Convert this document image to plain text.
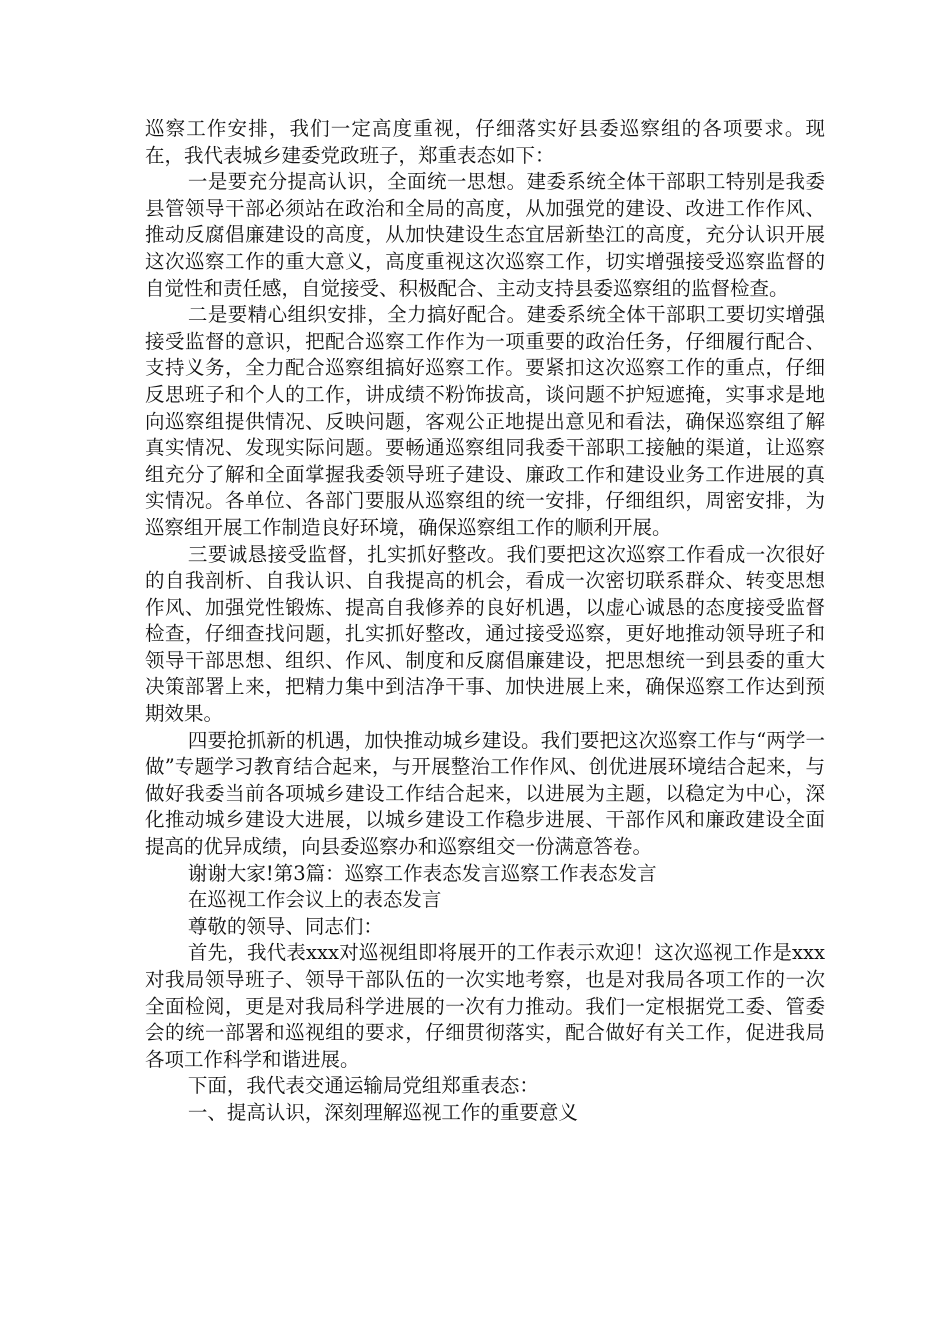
巡察工作安排，我们一定高度重视，仔细落实好县委巡察组的各项要求。现在，我代表城乡建委党政班子，郑重表态如下：

一是要充分提高认识，全面统一思想。建委系统全体干部职工特别是我委县管领导干部必须站在政治和全局的高度，从加强党的建设、改进工作作风、推动反腐倡廉建设的高度，从加快建设生态宜居新垫江的高度，充分认识开展这次巡察工作的重大意义，高度重视这次巡察工作，切实增强接受巡察监督的自觉性和责任感，自觉接受、积极配合、主动支持县委巡察组的监督检查。

二是要精心组织安排，全力搞好配合。建委系统全体干部职工要切实增强接受监督的意识，把配合巡察工作作为一项重要的政治任务，仔细履行配合、支持义务，全力配合巡察组搞好巡察工作。要紧扣这次巡察工作的重点，仔细反思班子和个人的工作，讲成绩不粉饰拔高，谈问题不护短遮掩，实事求是地向巡察组提供情况、反映问题，客观公正地提出意见和看法，确保巡察组了解真实情况、发现实际问题。要畅通巡察组同我委干部职工接触的渠道，让巡察组充分了解和全面掌握我委领导班子建设、廉政工作和建设业务工作进展的真实情况。各单位、各部门要服从巡察组的统一安排，仔细组织，周密安排，为巡察组开展工作制造良好环境，确保巡察组工作的顺利开展。

三要诚恳接受监督，扎实抓好整改。我们要把这次巡察工作看成一次很好的自我剖析、自我认识、自我提高的机会，看成一次密切联系群众、转变思想作风、加强党性锻炼、提高自我修养的良好机遇，以虚心诚恳的态度接受监督检查，仔细查找问题，扎实抓好整改，通过接受巡察，更好地推动领导班子和领导干部思想、组织、作风、制度和反腐倡廉建设，把思想统一到县委的重大决策部署上来，把精力集中到洁净干事、加快进展上来，确保巡察工作达到预期效果。

四要抢抓新的机遇，加快推动城乡建设。我们要把这次巡察工作与“两学一做”专题学习教育结合起来，与开展整治工作作风、创优进展环境结合起来，与做好我委当前各项城乡建设工作结合起来，以进展为主题，以稳定为中心，深化推动城乡建设大进展，以城乡建设工作稳步进展、干部作风和廉政建设全面提高的优异成绩，向县委巡察办和巡察组交一份满意答卷。

谢谢大家!第3篇：巡察工作表态发言巡察工作表态发言

在巡视工作会议上的表态发言

尊敬的领导、同志们：

首先，我代表xxx对巡视组即将展开的工作表示欢迎！这次巡视工作是xxx对我局领导班子、领导干部队伍的一次实地考察，也是对我局各项工作的一次全面检阅，更是对我局科学进展的一次有力推动。我们一定根据党工委、管委会的统一部署和巡视组的要求，仔细贯彻落实，配合做好有关工作，促进我局各项工作科学和谐进展。

下面，我代表交通运输局党组郑重表态：

一、提高认识，深刻理解巡视工作的重要意义
